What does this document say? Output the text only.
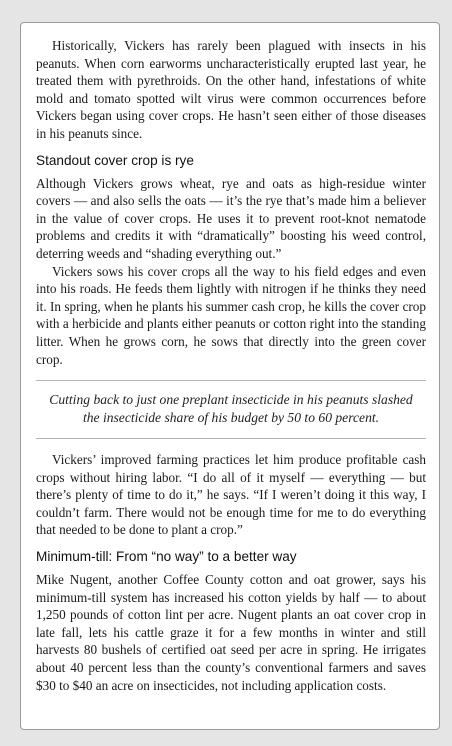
Historically, Vickers has rarely been plagued with insects in his peanuts. When corn earworms uncharacteristically erupted last year, he treated them with pyrethroids. On the other hand, infestations of white mold and tomato spotted wilt virus were common occurrences before Vickers began using cover crops. He hasn’t seen either of those diseases in his peanuts since.

Standout cover crop is rye

Although Vickers grows wheat, rye and oats as high-residue winter covers — and also sells the oats — it’s the rye that’s made him a believer in the value of cover crops. He uses it to prevent root-knot nematode problems and credits it with “dramatically” boosting his weed control, deterring weeds and “shading everything out.”

Vickers sows his cover crops all the way to his field edges and even into his roads. He feeds them lightly with nitrogen if he thinks they need it. In spring, when he plants his summer cash crop, he kills the cover crop with a herbicide and plants either peanuts or cotton right into the standing litter. When he grows corn, he sows that directly into the green cover crop.

Cutting back to just one preplant insecticide in his peanuts slashed the insecticide share of his budget by 50 to 60 percent.

Vickers’ improved farming practices let him produce profitable cash crops without hiring labor. “I do all of it myself — everything — but there’s plenty of time to do it,” he says. “If I weren’t doing it this way, I couldn’t farm. There would not be enough time for me to do everything that needed to be done to plant a crop.”

Minimum-till: From “no way” to a better way

Mike Nugent, another Coffee County cotton and oat grower, says his minimum-till system has increased his cotton yields by half — to about 1,250 pounds of cotton lint per acre. Nugent plants an oat cover crop in late fall, lets his cattle graze it for a few months in winter and still harvests 80 bushels of certified oat seed per acre in spring. He irrigates about 40 percent less than the county’s conventional farmers and saves $30 to $40 an acre on insecticides, not including application costs.
